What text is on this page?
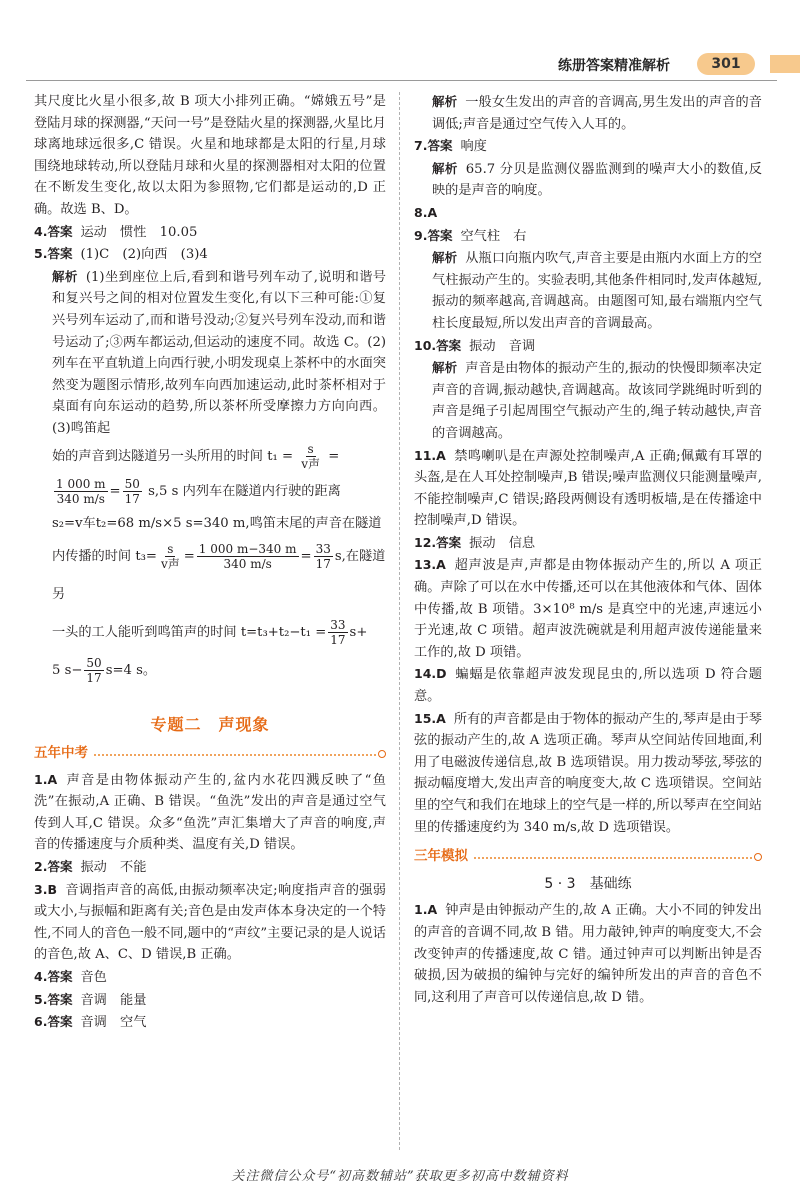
练册答案精准解析	301

其尺度比火星小很多,故 B 项大小排列正确。“嫦娥五号”是登陆月球的探测器,“天问一号”是登陆火星的探测器,火星比月球离地球远很多,C 错误。火星和地球都是太阳的行星,月球围绕地球转动,所以登陆月球和火星的探测器相对太阳的位置在不断发生变化,故以太阳为参照物,它们都是运动的,D 正确。故选 B、D。

4.答案 运动　惯性　10.05

5.答案 (1)C　(2)向西　(3)4

解析 (1)坐到座位上后,看到和谐号列车动了,说明和谐号和复兴号之间的相对位置发生变化,有以下三种可能:①复兴号列车运动了,而和谐号没动;②复兴号列车没动,而和谐号运动了;③两车都运动,但运动的速度不同。故选 C。(2)列车在平直轨道上向西行驶,小明发现桌上茶杯中的水面突然变为题图示情形,故列车向西加速运动,此时茶杯相对于桌面有向东运动的趋势,所以茶杯所受摩擦力方向向西。(3)鸣笛起

始的声音到达隧道另一头所用的时间 $t_1 = \frac{s}{\text{v声}}$ =

$\frac{1 000 m}{340 m/s} = \frac{50}{17} s,5$ s 内列车在隧道内行驶的距离

s₂=v车t₂=68 m/s×5 s=340 m,鸣笛末尾的声音在隧道

内传播的时间 $t_3= \frac{s}{\text{v声}} = \frac{1 000 m-340 m}{340 m/s} = \frac{33}{17} s$,在隧道另

一头的工人能听到鸣笛声的时间 $t=t_3+t_2-t_1 = \frac{33}{17} s+$

5 $s- \frac{50}{17} s=4$ s。

专题二　声现象
五年中考

1.A 声音是由物体振动产生的,盆内水花四溅反映了“鱼洗”在振动,A 正确、B 错误。“鱼洗”发出的声音是通过空气传到人耳,C 错误。众多“鱼洗”声汇集增大了声音的响度,声音的传播速度与介质种类、温度有关,D 错误。

2.答案 振动　不能

3.B 音调指声音的高低,由振动频率决定;响度指声音的强弱或大小,与振幅和距离有关;音色是由发声体本身决定的一个特性,不同人的音色一般不同,题中的“声纹”主要记录的是人说话的音色,故 A、C、D 错误,B 正确。

4.答案 音色

5.答案 音调　能量

6.答案 音调　空气

解析 一般女生发出的声音的音调高,男生发出的声音的音调低;声音是通过空气传入人耳的。

7.答案 响度

解析 65.7 分贝是监测仪器监测到的噪声大小的数值,反映的是声音的响度。

8.A

9.答案 空气柱　右

解析 从瓶口向瓶内吹气,声音主要是由瓶内水面上方的空气柱振动产生的。实验表明,其他条件相同时,发声体越短,振动的频率越高,音调越高。由题图可知,最右端瓶内空气柱长度最短,所以发出声音的音调最高。

10.答案 振动　音调

解析 声音是由物体的振动产生的,振动的快慢即频率决定声音的音调,振动越快,音调越高。故该同学跳绳时听到的声音是绳子引起周围空气振动产生的,绳子转动越快,声音的音调越高。

11.A 禁鸣喇叭是在声源处控制噪声,A 正确;佩戴有耳罩的头盔,是在人耳处控制噪声,B 错误;噪声监测仪只能测量噪声,不能控制噪声,C 错误;路段两侧设有透明板墙,是在传播途中控制噪声,D 错误。

12.答案 振动　信息

13.A 超声波是声,声都是由物体振动产生的,所以 A 项正确。声除了可以在水中传播,还可以在其他液体和气体、固体中传播,故 B 项错。3×10⁸ m/s 是真空中的光速,声速远小于光速,故 C 项错。超声波洗碗就是利用超声波传递能量来工作的,故 D 项错。

14.D 蝙蝠是依靠超声波发现昆虫的,所以选项 D 符合题意。

15.A 所有的声音都是由于物体的振动产生的,琴声是由于琴弦的振动产生的,故 A 选项正确。琴声从空间站传回地面,利用了电磁波传递信息,故 B 选项错误。用力拨动琴弦,琴弦的振动幅度增大,发出声音的响度变大,故 C 选项错误。空间站里的空气和我们在地球上的空气是一样的,所以琴声在空间站里的传播速度约为 340 m/s,故 D 选项错误。

三年模拟
5 · 3　基础练

1.A 钟声是由钟振动产生的,故 A 正确。大小不同的钟发出的声音的音调不同,故 B 错。用力敲钟,钟声的响度变大,不会改变钟声的传播速度,故 C 错。通过钟声可以判断出钟是否破损,因为破损的编钟与完好的编钟所发出的声音的音色不同,这利用了声音可以传递信息,故 D 错。

关注微信公众号“初高数辅站”获取更多初高中数辅资料
